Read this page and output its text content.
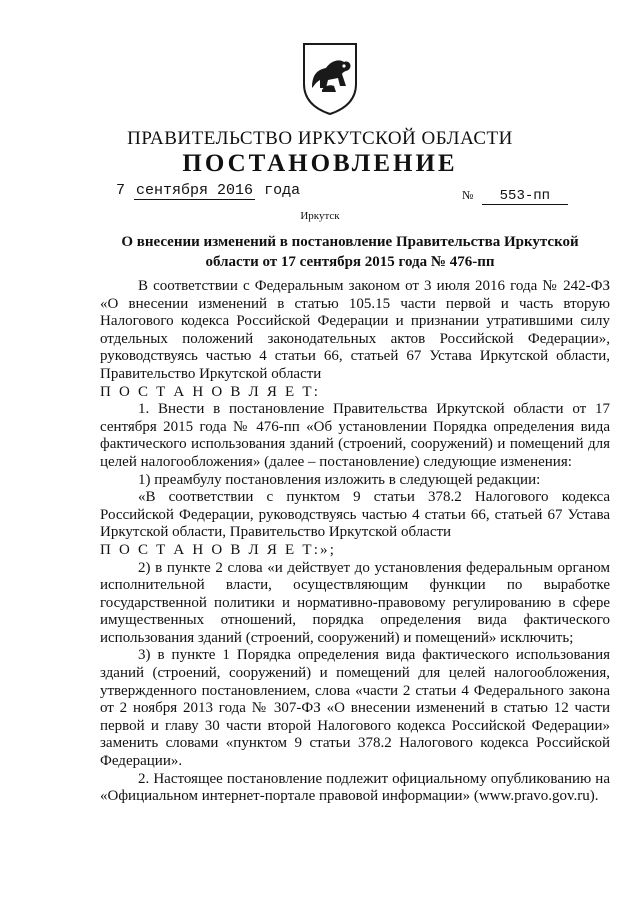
ПРАВИТЕЛЬСТВО ИРКУТСКОЙ ОБЛАСТИ
ПОСТАНОВЛЕНИЕ
7 сентября 2016 года	№ 553-пп
Иркутск
О внесении изменений в постановление Правительства Иркутской области от 17 сентября 2015 года № 476-пп

В соответствии с Федеральным законом от 3 июля 2016 года № 242-ФЗ «О внесении изменений в статью 105.15 части первой и часть вторую Налогового кодекса Российской Федерации и признании утратившими силу отдельных положений законодательных актов Российской Федерации», руководствуясь частью 4 статьи 66, статьей 67 Устава Иркутской области, Правительство Иркутской области

П О С Т А Н О В Л Я Е Т:

1. Внести в постановление Правительства Иркутской области от 17 сентября 2015 года № 476-пп «Об установлении Порядка определения вида фактического использования зданий (строений, сооружений) и помещений для целей налогообложения» (далее – постановление) следующие изменения:

1) преамбулу постановления изложить в следующей редакции:

«В соответствии с пунктом 9 статьи 378.2 Налогового кодекса Российской Федерации, руководствуясь частью 4 статьи 66, статьей 67 Устава Иркутской области, Правительство Иркутской области

П О С Т А Н О В Л Я Е Т:»;

2) в пункте 2 слова «и действует до установления федеральным органом исполнительной власти, осуществляющим функции по выработке государственной политики и нормативно-правовому регулированию в сфере имущественных отношений, порядка определения вида фактического использования зданий (строений, сооружений) и помещений» исключить;

3) в пункте 1 Порядка определения вида фактического использования зданий (строений, сооружений) и помещений для целей налогообложения, утвержденного постановлением, слова «части 2 статьи 4 Федерального закона от 2 ноября 2013 года № 307-ФЗ «О внесении изменений в статью 12 части первой и главу 30 части второй Налогового кодекса Российской Федерации» заменить словами «пунктом 9 статьи 378.2 Налогового кодекса Российской Федерации».

2. Настоящее постановление подлежит официальному опубликованию на «Официальном интернет-портале правовой информации» (www.pravo.gov.ru).
